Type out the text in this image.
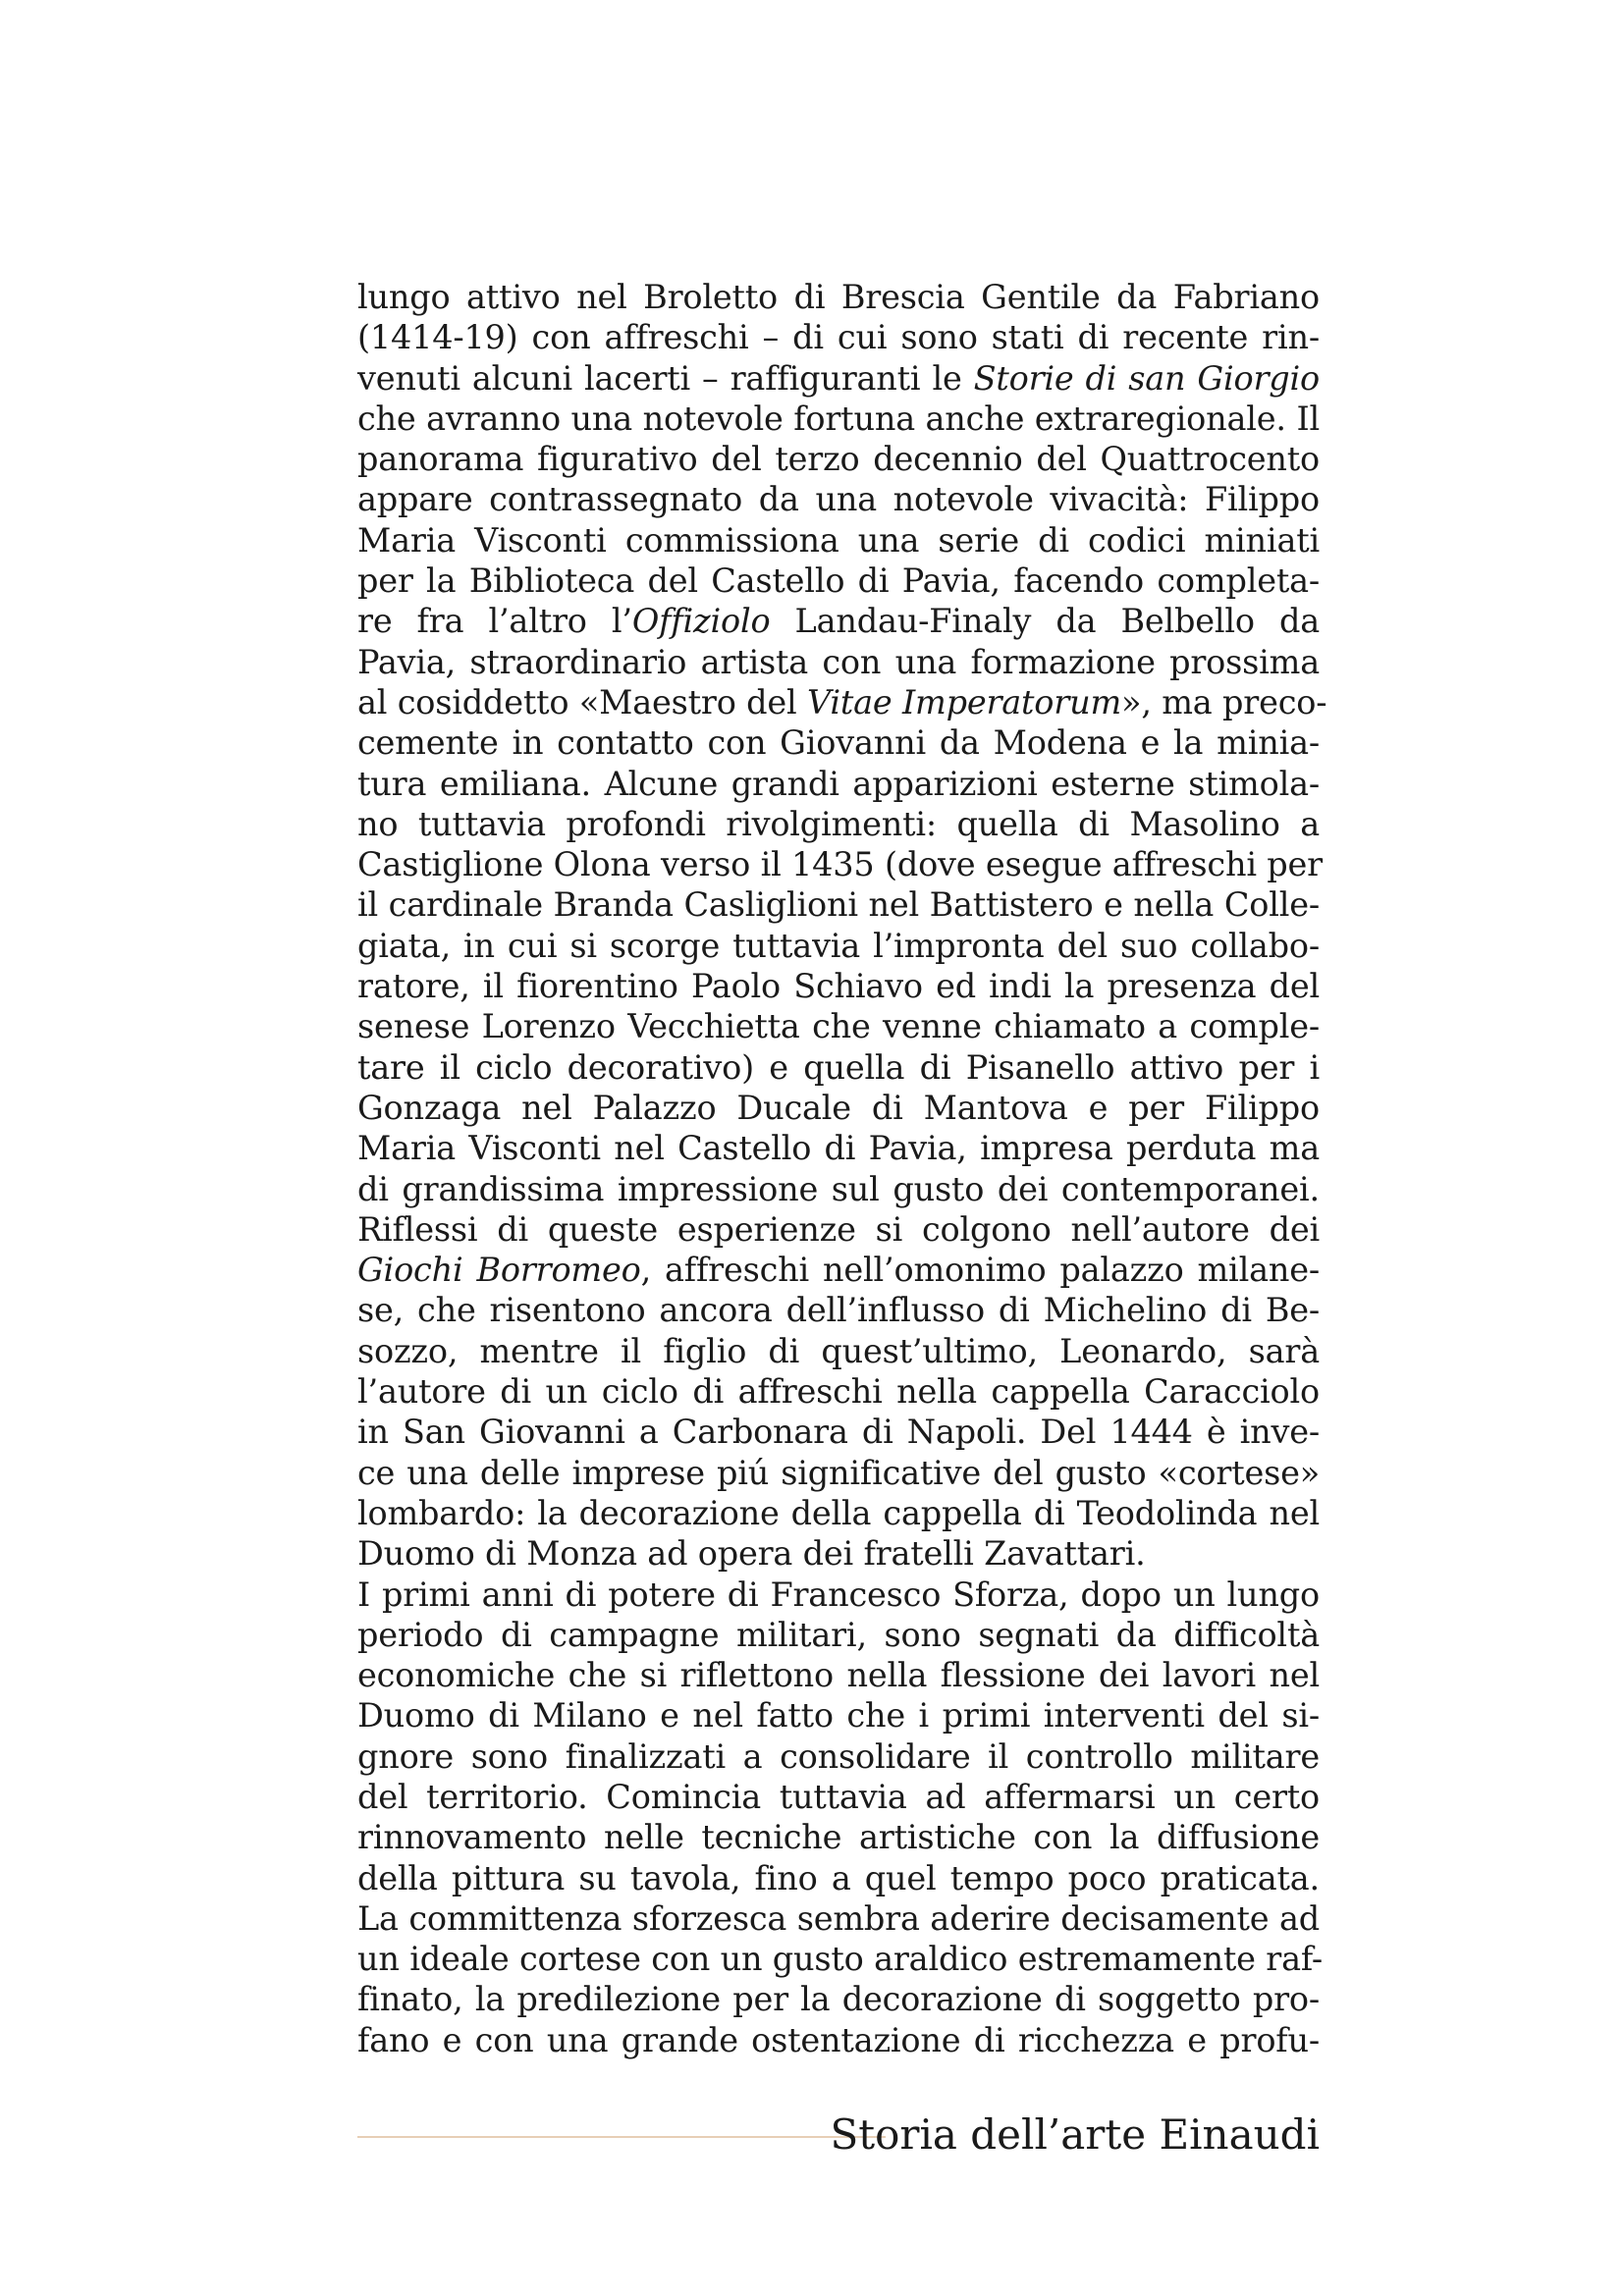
lungo attivo nel Broletto di Brescia Gentile da Fabriano
(1414-19) con affreschi – di cui sono stati di recente rin-
venuti alcuni lacerti – raffiguranti le Storie di san Giorgio
che avranno una notevole fortuna anche extraregionale. Il
panorama figurativo del terzo decennio del Quattrocento
appare contrassegnato da una notevole vivacità: Filippo
Maria Visconti commissiona una serie di codici miniati
per la Biblioteca del Castello di Pavia, facendo completa-
re fra l’altro l’Offiziolo Landau-Finaly da Belbello da
Pavia, straordinario artista con una formazione prossima
al cosiddetto «Maestro del Vitae Imperatorum», ma preco-
cemente in contatto con Giovanni da Modena e la minia-
tura emiliana. Alcune grandi apparizioni esterne stimola-
no tuttavia profondi rivolgimenti: quella di Masolino a
Castiglione Olona verso il 1435 (dove esegue affreschi per
il cardinale Branda Casliglioni nel Battistero e nella Colle-
giata, in cui si scorge tuttavia l’impronta del suo collabo-
ratore, il fiorentino Paolo Schiavo ed indi la presenza del
senese Lorenzo Vecchietta che venne chiamato a comple-
tare il ciclo decorativo) e quella di Pisanello attivo per i
Gonzaga nel Palazzo Ducale di Mantova e per Filippo
Maria Visconti nel Castello di Pavia, impresa perduta ma
di grandissima impressione sul gusto dei contemporanei.
Riflessi di queste esperienze si colgono nell’autore dei
Giochi Borromeo, affreschi nell’omonimo palazzo milane-
se, che risentono ancora dell’influsso di Michelino di Be-
sozzo, mentre il figlio di quest’ultimo, Leonardo, sarà
l’autore di un ciclo di affreschi nella cappella Caracciolo
in San Giovanni a Carbonara di Napoli. Del 1444 è inve-
ce una delle imprese piú significative del gusto «cortese»
lombardo: la decorazione della cappella di Teodolinda nel
Duomo di Monza ad opera dei fratelli Zavattari.
I primi anni di potere di Francesco Sforza, dopo un lungo
periodo di campagne militari, sono segnati da difficoltà
economiche che si riflettono nella flessione dei lavori nel
Duomo di Milano e nel fatto che i primi interventi del si-
gnore sono finalizzati a consolidare il controllo militare
del territorio. Comincia tuttavia ad affermarsi un certo
rinnovamento nelle tecniche artistiche con la diffusione
della pittura su tavola, fino a quel tempo poco praticata.
La committenza sforzesca sembra aderire decisamente ad
un ideale cortese con un gusto araldico estremamente raf-
finato, la predilezione per la decorazione di soggetto pro-
fano e con una grande ostentazione di ricchezza e profu-
Storia dell’arte Einaudi
